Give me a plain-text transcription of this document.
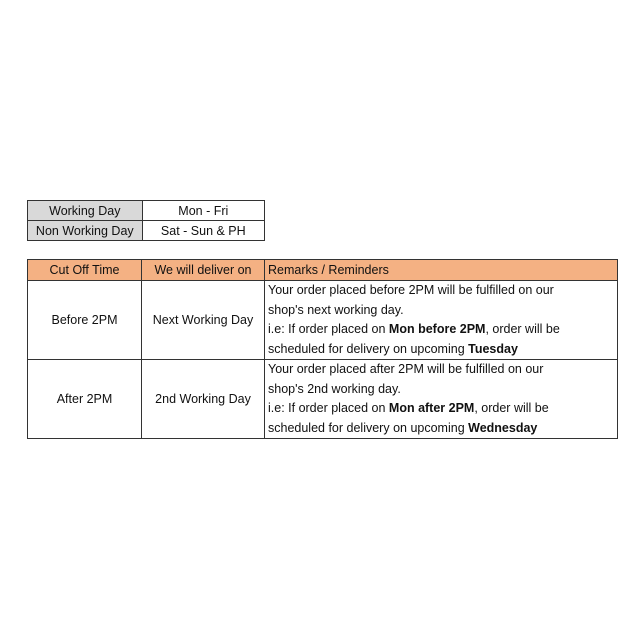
Working Day	Mon - Fri
Non Working Day	Sat - Sun & PH
Cut Off Time	We will deliver on	Remarks / Reminders
Before 2PM	Next Working Day	Your order placed before 2PM will be fulfilled on our
shop's next working day.
i.e: If order placed on Mon before 2PM, order will be
scheduled for delivery on upcoming Tuesday

After 2PM	2nd Working Day	Your order placed after 2PM will be fulfilled on our
shop's 2nd working day.
i.e: If order placed on Mon after 2PM, order will be
scheduled for delivery on upcoming Wednesday
